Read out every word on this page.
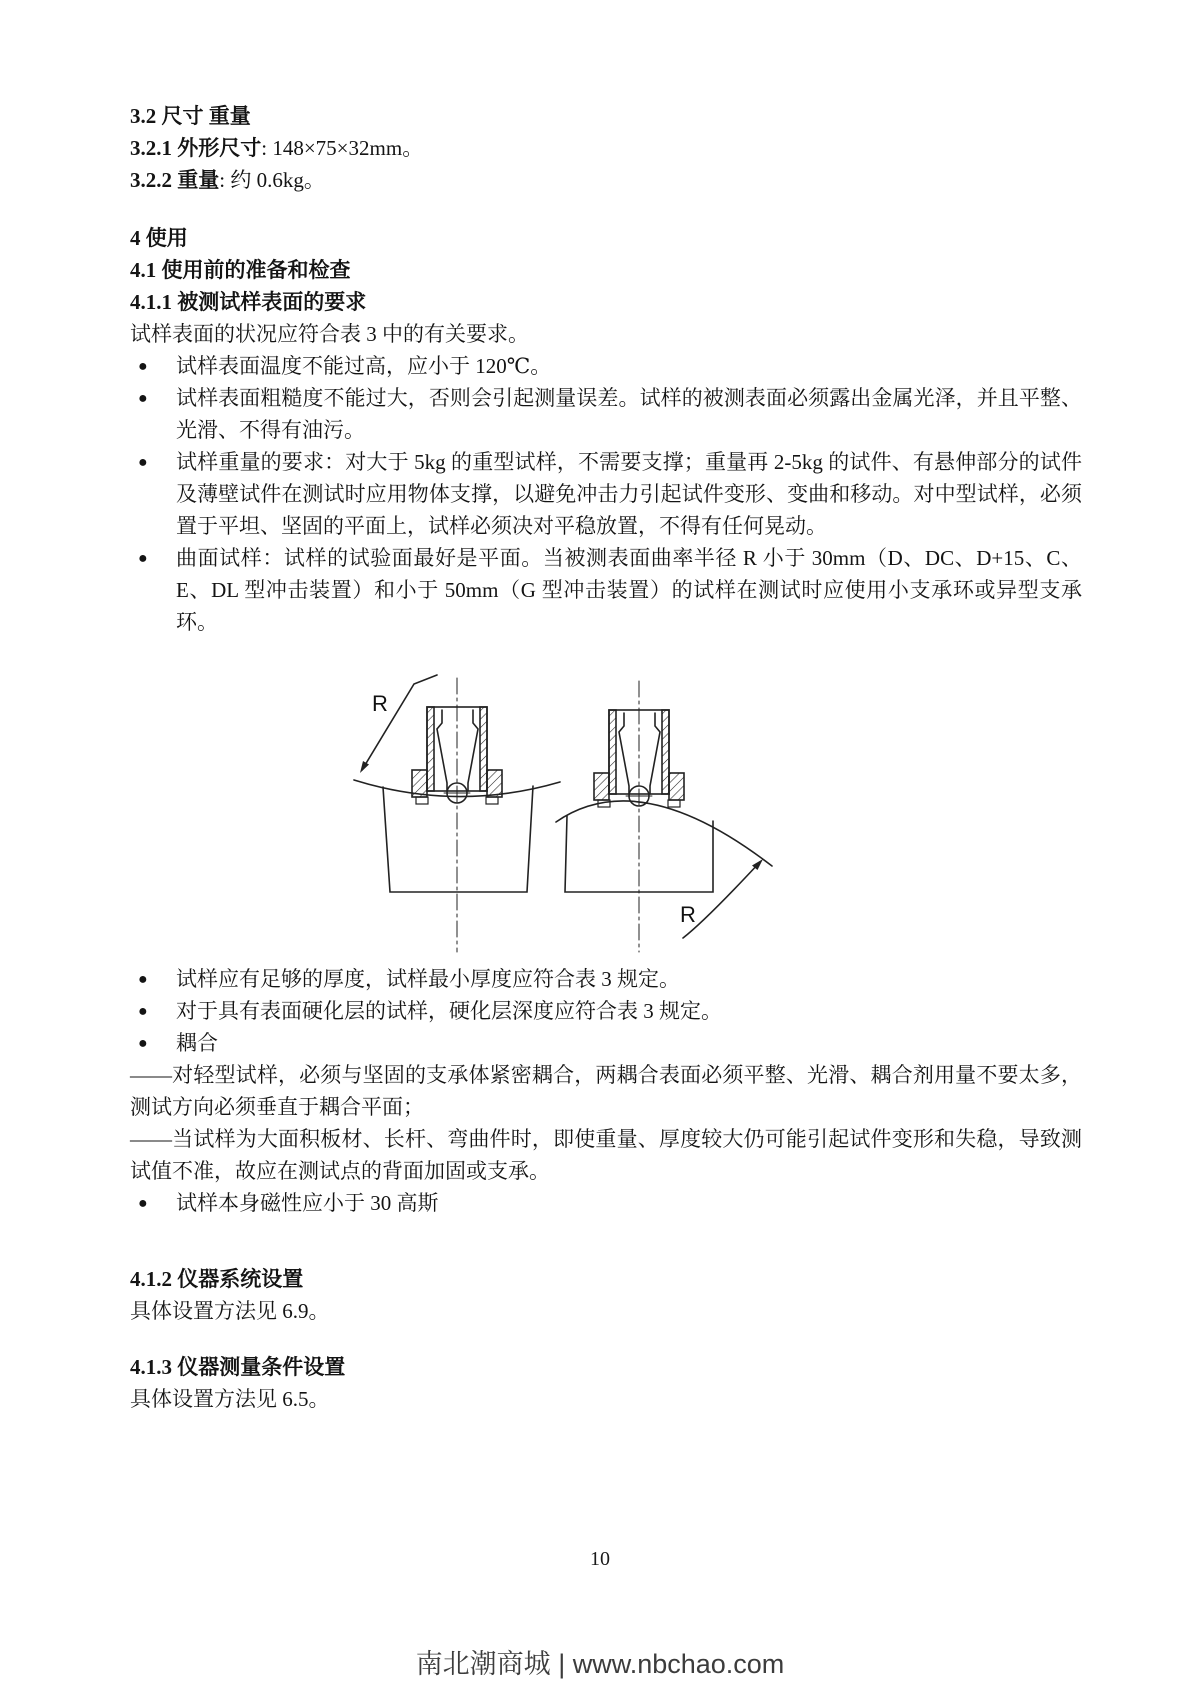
3.2 尺寸 重量

3.2.1 外形尺寸: 148×75×32mm。

3.2.2 重量: 约 0.6kg。

4 使用

4.1 使用前的准备和检查

4.1.1 被测试样表面的要求

试样表面的状况应符合表 3 中的有关要求。

● 试样表面温度不能过高，应小于 120℃。
● 试样表面粗糙度不能过大，否则会引起测量误差。试样的被测表面必须露出金属光泽，并且平整、光滑、不得有油污。
● 试样重量的要求：对大于 5kg 的重型试样，不需要支撑；重量再 2-5kg 的试件、有悬伸部分的试件及薄壁试件在测试时应用物体支撑，以避免冲击力引起试件变形、变曲和移动。对中型试样，必须置于平坦、坚固的平面上，试样必须决对平稳放置，不得有任何晃动。
● 曲面试样：试样的试验面最好是平面。当被测表面曲率半径 R 小于 30mm（D、DC、D+15、C、E、DL 型冲击装置）和小于 50mm（G 型冲击装置）的试样在测试时应使用小支承环或异型支承环。
R
R
● 试样应有足够的厚度，试样最小厚度应符合表 3 规定。
● 对于具有表面硬化层的试样，硬化层深度应符合表 3 规定。
● 耦合

——对轻型试样，必须与坚固的支承体紧密耦合，两耦合表面必须平整、光滑、耦合剂用量不要太多，测试方向必须垂直于耦合平面；

——当试样为大面积板材、长杆、弯曲件时，即使重量、厚度较大仍可能引起试件变形和失稳，导致测试值不准，故应在测试点的背面加固或支承。

● 试样本身磁性应小于 30 高斯

4.1.2 仪器系统设置

具体设置方法见 6.9。

4.1.3 仪器测量条件设置

具体设置方法见 6.5。

10
南北潮商城 | www.nbchao.com
